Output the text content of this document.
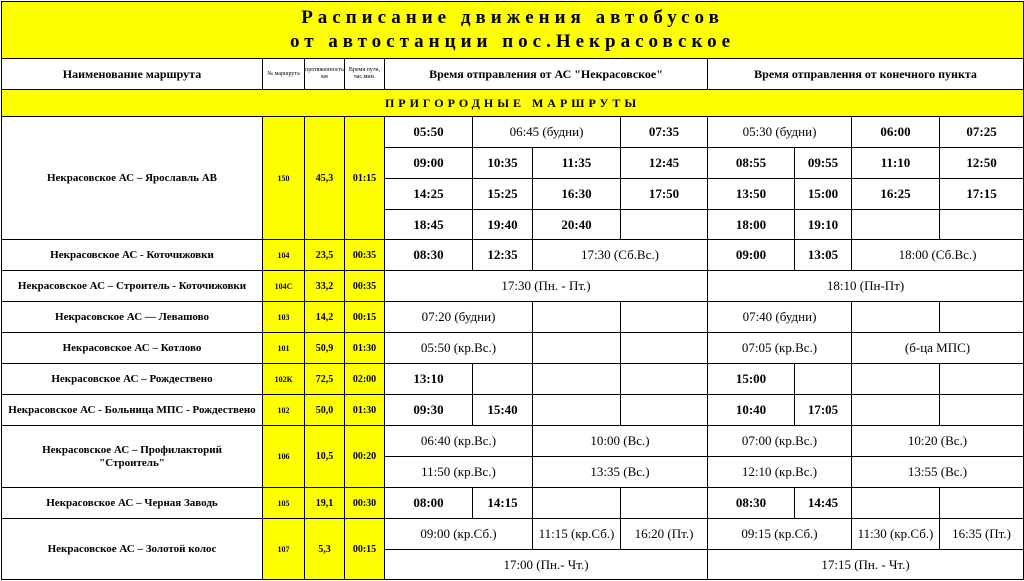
Расписание движения автобусов
от автостанции пос.Некрасовское											

Наименование маршрута	№ маршрута	протяженность км	Время пути, час.мин.	Время отправления от АС "Некрасовское"				Время отправления от конечного пункта			
ПРИГОРОДНЫЕ МАРШРУТЫ											
Некрасовское АС – Ярославль АВ	150	45,3	01:15	05:50	06:45 (будни)		07:35	05:30 (будни)		06:00	07:25
				09:00	10:35	11:35	12:45	08:55	09:55	11:10	12:50
				14:25	15:25	16:30	17:50	13:50	15:00	16:25	17:15
				18:45	19:40	20:40		18:00	19:10		
Некрасовское АС - Коточижовки	104	23,5	00:35	08:30	12:35	17:30 (Сб.Вс.)		09:00	13:05	18:00 (Сб.Вс.)	
Некрасовское АС – Строитель - Коточижовки	104С	33,2	00:35	17:30 (Пн. - Пт.)				18:10 (Пн-Пт)			
Некрасовское АС — Левашово	103	14,2	00:15	07:20 (будни)				07:40 (будни)			
Некрасовское АС – Котлово	101	50,9	01:30	05:50 (кр.Вс.)				07:05 (кр.Вс.)		(б-ца МПС)	
Некрасовское АС – Рождествено	102К	72,5	02:00	13:10				15:00			
Некрасовское АС - Больница МПС - Рождествено	102	50,0	01:30	09:30	15:40			10:40	17:05		
Некрасовское АС – Профилакторий "Строитель"	106	10,5	00:20	06:40 (кр.Вс.)		10:00 (Вс.)		07:00 (кр.Вс.)		10:20 (Вс.)	
				11:50 (кр.Вс.)		13:35 (Вс.)		12:10 (кр.Вс.)		13:55 (Вс.)	
Некрасовское АС – Черная Заводь	105	19,1	00:30	08:00	14:15			08:30	14:45		
Некрасовское АС – Золотой колос	107	5,3	00:15	09:00 (кр.Сб.)		11:15 (кр.Сб.)	16:20 (Пт.)	09:15 (кр.Сб.)		11:30 (кр.Сб.)	16:35 (Пт.)
				17:00 (Пн.- Чт.)				17:15 (Пн. - Чт.)			
